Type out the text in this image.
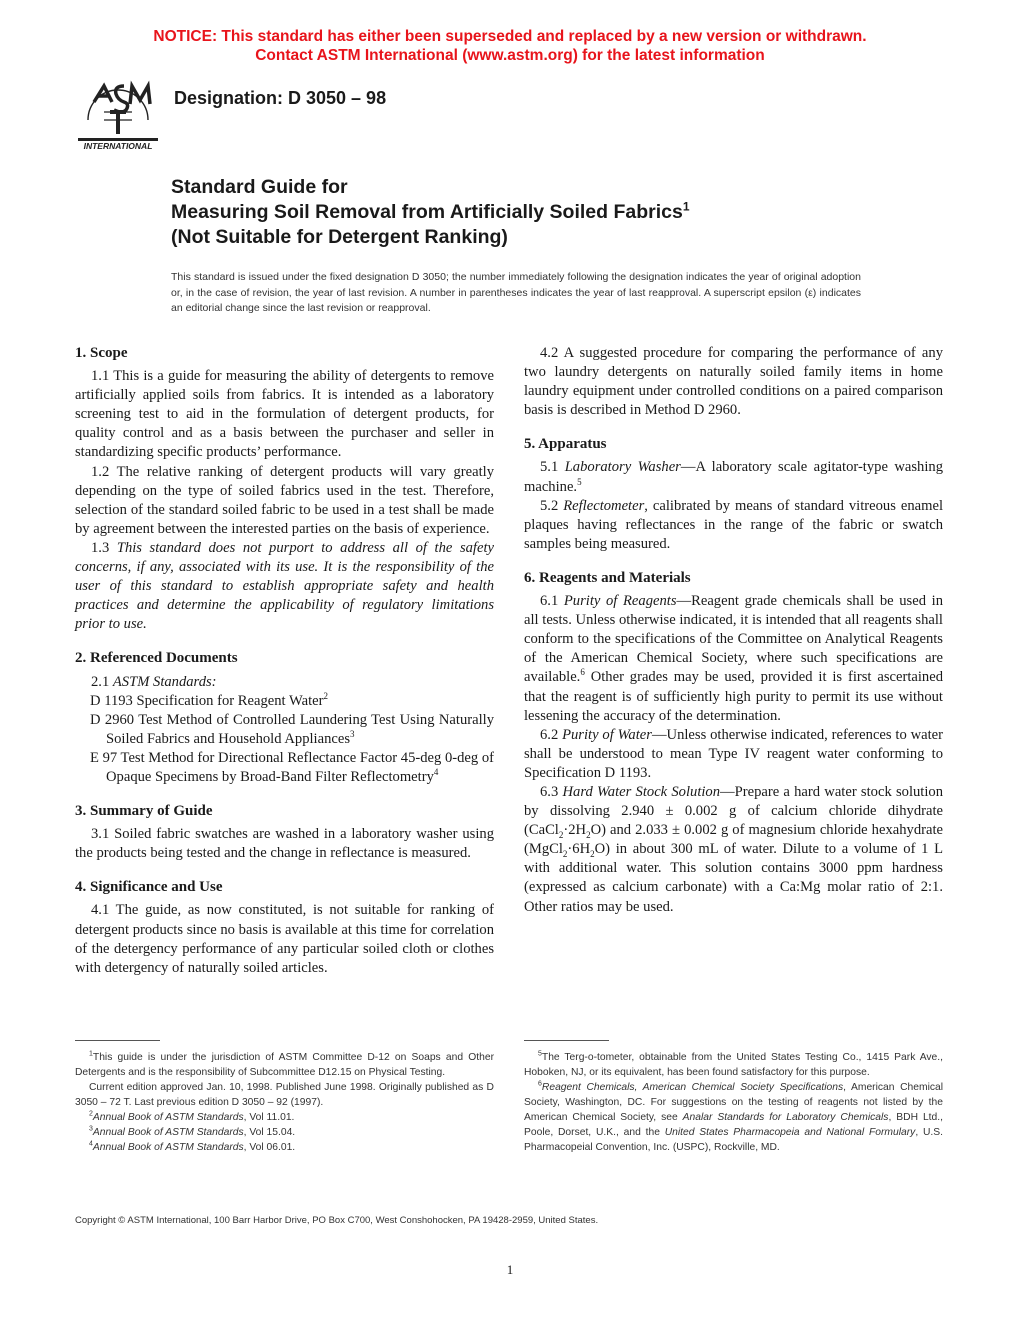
NOTICE: This standard has either been superseded and replaced by a new version or withdrawn.
Contact ASTM International (www.astm.org) for the latest information
INTERNATIONAL
Designation: D 3050 – 98
Standard Guide for
Measuring Soil Removal from Artificially Soiled Fabrics$^1$
(Not Suitable for Detergent Ranking)
This standard is issued under the fixed designation D 3050; the number immediately following the designation indicates the year of original adoption or, in the case of revision, the year of last revision. A number in parentheses indicates the year of last reapproval. A superscript epsilon (ε) indicates an editorial change since the last revision or reapproval.
1. Scope

1.1 This is a guide for measuring the ability of detergents to remove artificially applied soils from fabrics. It is intended as a laboratory screening test to aid in the formulation of detergent products, for quality control and as a basis between the purchaser and seller in standardizing specific products’ performance.

1.2 The relative ranking of detergent products will vary greatly depending on the type of soiled fabrics used in the test. Therefore, selection of the standard soiled fabric to be used in a test shall be made by agreement between the interested parties on the basis of experience.

1.3 This standard does not purport to address all of the safety concerns, if any, associated with its use. It is the responsibility of the user of this standard to establish appropriate safety and health practices and determine the applicability of regulatory limitations prior to use.

2. Referenced Documents

2.1 ASTM Standards:

D 1193 Specification for Reagent Water$^2$

D 2960 Test Method of Controlled Laundering Test Using Naturally Soiled Fabrics and Household Appliances$^3$

E 97 Test Method for Directional Reflectance Factor 45-deg 0-deg of Opaque Specimens by Broad-Band Filter Reflectometry$^4$

3. Summary of Guide

3.1 Soiled fabric swatches are washed in a laboratory washer using the products being tested and the change in reflectance is measured.

4. Significance and Use

4.1 The guide, as now constituted, is not suitable for ranking of detergent products since no basis is available at this time for correlation of the detergency performance of any particular soiled cloth or clothes with detergency of naturally soiled articles.

4.2 A suggested procedure for comparing the performance of any two laundry detergents on naturally soiled family items in home laundry equipment under controlled conditions on a paired comparison basis is described in Method D 2960.

5. Apparatus

5.1 Laboratory Washer—A laboratory scale agitator-type washing machine.$^5$

5.2 Reflectometer, calibrated by means of standard vitreous enamel plaques having reflectances in the range of the fabric or swatch samples being measured.

6. Reagents and Materials

6.1 Purity of Reagents—Reagent grade chemicals shall be used in all tests. Unless otherwise indicated, it is intended that all reagents shall conform to the specifications of the Committee on Analytical Reagents of the American Chemical Society, where such specifications are available.$^6$ Other grades may be used, provided it is first ascertained that the reagent is of sufficiently high purity to permit its use without lessening the accuracy of the determination.

6.2 Purity of Water—Unless otherwise indicated, references to water shall be understood to mean Type IV reagent water conforming to Specification D 1193.

6.3 Hard Water Stock Solution—Prepare a hard water stock solution by dissolving 2.940 ± 0.002 g of calcium chloride dihydrate $(CaCl_2\cdot 2H_2O)$ and 2.033 ± 0.002 g of magnesium chloride hexahydrate $(MgCl_2\cdot 6H_2O)$ in about 300 mL of water. Dilute to a volume of 1 L with additional water. This solution contains 3000 ppm hardness (expressed as calcium carbonate) with a Ca:Mg molar ratio of 2:1. Other ratios may be used.

$^1$This guide is under the jurisdiction of ASTM Committee D-12 on Soaps and Other Detergents and is the responsibility of Subcommittee D12.15 on Physical Testing.

Current edition approved Jan. 10, 1998. Published June 1998. Originally published as D 3050 – 72 T. Last previous edition D 3050 – 92 (1997).

$^2$Annual Book of ASTM Standards, Vol 11.01.

$^3$Annual Book of ASTM Standards, Vol 15.04.

$^4$Annual Book of ASTM Standards, Vol 06.01.

$^5$The Terg-o-tometer, obtainable from the United States Testing Co., 1415 Park Ave., Hoboken, NJ, or its equivalent, has been found satisfactory for this purpose.

$^6$Reagent Chemicals, American Chemical Society Specifications, American Chemical Society, Washington, DC. For suggestions on the testing of reagents not listed by the American Chemical Society, see Analar Standards for Laboratory Chemicals, BDH Ltd., Poole, Dorset, U.K., and the United States Pharmacopeia and National Formulary, U.S. Pharmacopeial Convention, Inc. (USPC), Rockville, MD.

Copyright © ASTM International, 100 Barr Harbor Drive, PO Box C700, West Conshohocken, PA 19428-2959, United States.
1
